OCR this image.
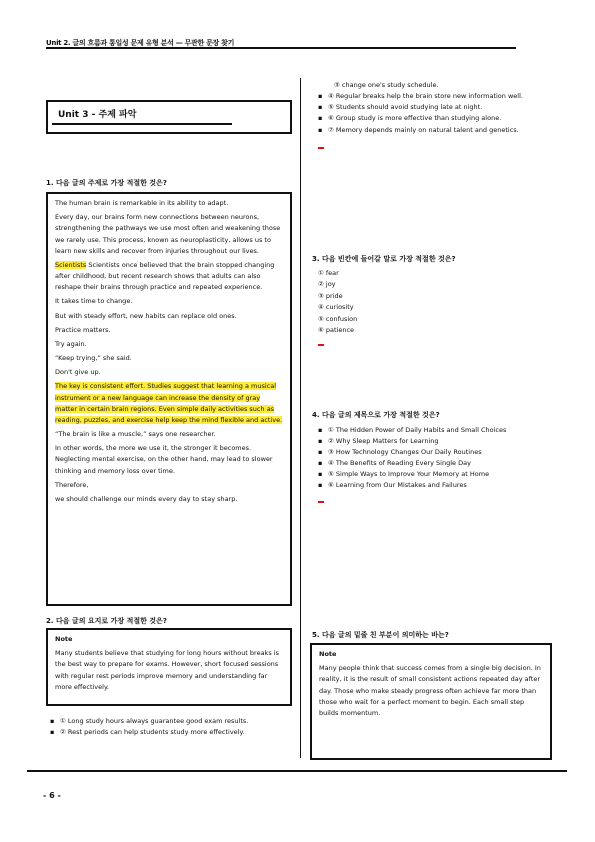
Unit 2. 글의 흐름과 통일성 문제 유형 분석 — 무관한 문장 찾기
Unit 3 - 주제 파악
1. 다음 글의 주제로 가장 적절한 것은?

The human brain is remarkable in its ability to adapt.

Every day, our brains form new connections between neurons, strengthening the pathways we use most often and weakening those we rarely use. This process, known as neuroplasticity, allows us to learn new skills and recover from injuries throughout our lives.

Scientists Scientists once believed that the brain stopped changing after childhood, but recent research shows that adults can also reshape their brains through practice and repeated experience.

It takes time to change.

But with steady effort, new habits can replace old ones.

Practice matters.

Try again.

“Keep trying,” she said.

Don't give up.

The key is consistent effort. Studies suggest that learning a musical instrument or a new language can increase the density of gray matter in certain brain regions. Even simple daily activities such as reading, puzzles, and exercise help keep the mind flexible and active.

“The brain is like a muscle,” says one researcher.

In other words, the more we use it, the stronger it becomes. Neglecting mental exercise, on the other hand, may lead to slower thinking and memory loss over time.

Therefore,

we should challenge our minds every day to stay sharp.

2. 다음 글의 요지로 가장 적절한 것은?

Note

Many students believe that studying for long hours without breaks is the best way to prepare for exams. However, short focused sessions with regular rest periods improve memory and understanding far more effectively.

▪ ① Long study hours always guarantee good exam results.
▪ ② Rest periods can help students study more effectively.
③ change one's study schedule.
▪ ④ Regular breaks help the brain store new information well.
▪ ⑤ Students should avoid studying late at night.
▪ ⑥ Group study is more effective than studying alone.
▪ ⑦ Memory depends mainly on natural talent and genetics.
3. 다음 빈칸에 들어갈 말로 가장 적절한 것은?
① fear
② joy
③ pride
④ curiosity
⑤ confusion
⑥ patience
4. 다음 글의 제목으로 가장 적절한 것은?
▪ ① The Hidden Power of Daily Habits and Small Choices
▪ ② Why Sleep Matters for Learning
▪ ③ How Technology Changes Our Daily Routines
▪ ④ The Benefits of Reading Every Single Day
▪ ⑤ Simple Ways to Improve Your Memory at Home
▪ ⑥ Learning from Our Mistakes and Failures
5. 다음 글의 밑줄 친 부분이 의미하는 바는?

Note

Many people think that success comes from a single big decision. In reality, it is the result of small consistent actions repeated day after day. Those who make steady progress often achieve far more than those who wait for a perfect moment to begin. Each small step builds momentum.

- 6 -
